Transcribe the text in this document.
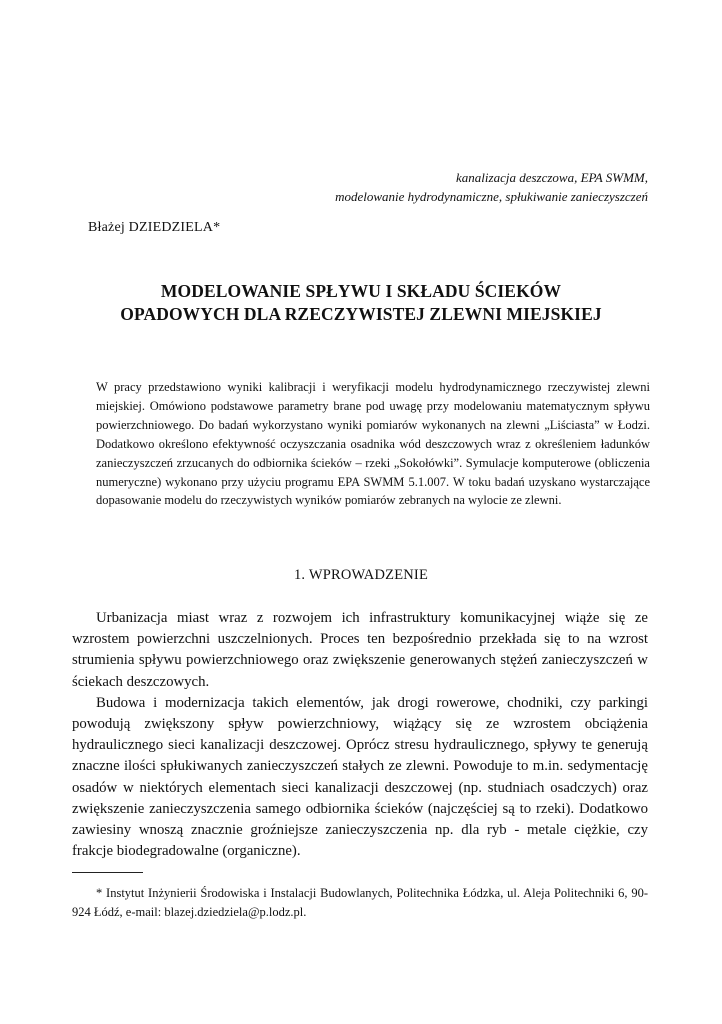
kanalizacja deszczowa, EPA SWMM,
modelowanie hydrodynamiczne, spłukiwanie zanieczyszczeń
Błażej DZIEDZIELA*
MODELOWANIE SPŁYWU I SKŁADU ŚCIEKÓW
OPADOWYCH DLA RZECZYWISTEJ ZLEWNI MIEJSKIEJ
W pracy przedstawiono wyniki kalibracji i weryfikacji modelu hydrodynamicznego rzeczywistej zlewni miejskiej. Omówiono podstawowe parametry brane pod uwagę przy modelowaniu matematycznym spływu powierzchniowego. Do badań wykorzystano wyniki pomiarów wykonanych na zlewni „Liściasta” w Łodzi. Dodatkowo określono efektywność oczyszczania osadnika wód deszczowych wraz z określeniem ładunków zanieczyszczeń zrzucanych do odbiornika ścieków – rzeki „Sokołówki”. Symulacje komputerowe (obliczenia numeryczne) wykonano przy użyciu programu EPA SWMM 5.1.007. W toku badań uzyskano wystarczające dopasowanie modelu do rzeczywistych wyników pomiarów zebranych na wylocie ze zlewni.
1. WPROWADZENIE

Urbanizacja miast wraz z rozwojem ich infrastruktury komunikacyjnej wiąże się ze wzrostem powierzchni uszczelnionych. Proces ten bezpośrednio przekłada się to na wzrost strumienia spływu powierzchniowego oraz zwiększenie generowanych stężeń zanieczyszczeń w ściekach deszczowych.

Budowa i modernizacja takich elementów, jak drogi rowerowe, chodniki, czy parkingi powodują zwiększony spływ powierzchniowy, wiążący się ze wzrostem obciążenia hydraulicznego sieci kanalizacji deszczowej. Oprócz stresu hydraulicznego, spływy te generują znaczne ilości spłukiwanych zanieczyszczeń stałych ze zlewni. Powoduje to m.in. sedymentację osadów w niektórych elementach sieci kanalizacji deszczowej (np. studniach osadczych) oraz zwiększenie zanieczyszczenia samego odbiornika ścieków (najczęściej są to rzeki). Dodatkowo zawiesiny wnoszą znacznie groźniejsze zanieczyszczenia np. dla ryb - metale ciężkie, czy frakcje biodegradowalne (organiczne).

* Instytut Inżynierii Środowiska i Instalacji Budowlanych, Politechnika Łódzka, ul. Aleja Politechniki 6, 90-924 Łódź, e-mail: blazej.dziedziela@p.lodz.pl.
